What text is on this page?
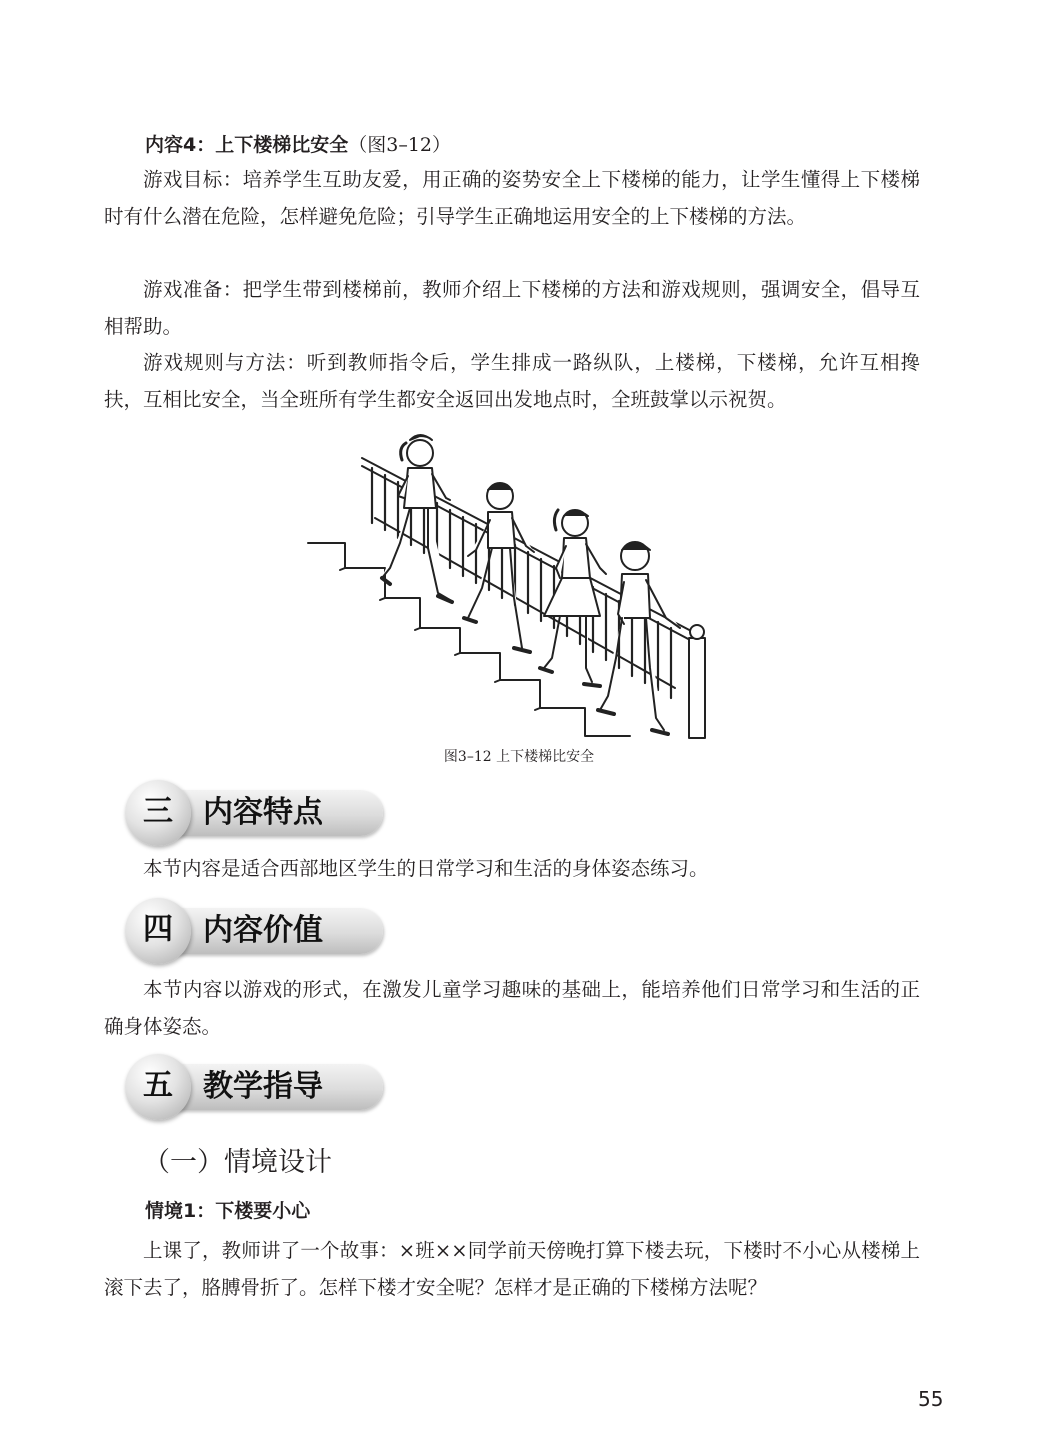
内容4：上下楼梯比安全（图3–12）

游戏目标：培养学生互助友爱，用正确的姿势安全上下楼梯的能力，让学生懂得上下楼梯时有什么潜在危险，怎样避免危险；引导学生正确地运用安全的上下楼梯的方法。

游戏准备：把学生带到楼梯前，教师介绍上下楼梯的方法和游戏规则，强调安全，倡导互相帮助。

游戏规则与方法：听到教师指令后，学生排成一路纵队，上楼梯，下楼梯，允许互相搀扶，互相比安全，当全班所有学生都安全返回出发地点时，全班鼓掌以示祝贺。

图3–12 上下楼梯比安全
三	内容特点

本节内容是适合西部地区学生的日常学习和生活的身体姿态练习。

四	内容价值

本节内容以游戏的形式，在激发儿童学习趣味的基础上，能培养他们日常学习和生活的正确身体姿态。

五	教学指导

（一）情境设计

情境1：下楼要小心

上课了，教师讲了一个故事：×班××同学前天傍晚打算下楼去玩，下楼时不小心从楼梯上滚下去了，胳膊骨折了。怎样下楼才安全呢？怎样才是正确的下楼梯方法呢？

55
